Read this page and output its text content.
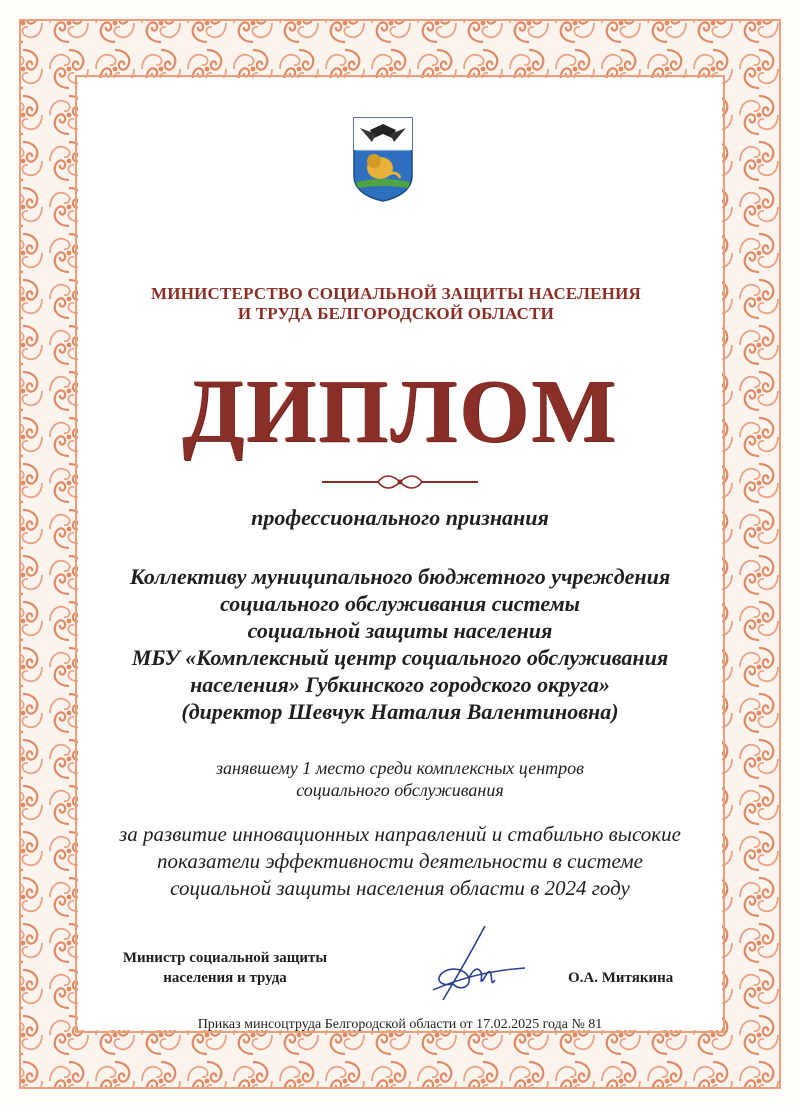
МИНИСТЕРСТВО СОЦИАЛЬНОЙ ЗАЩИТЫ НАСЕЛЕНИЯ
И ТРУДА БЕЛГОРОДСКОЙ ОБЛАСТИ
ДИПЛОМ
профессионального признания
Коллективу муниципального бюджетного учреждения
социального обслуживания системы
социальной защиты населения
МБУ «Комплексный центр социального обслуживания
населения» Губкинского городского округа»
(директор Шевчук Наталия Валентиновна)
занявшему 1 место среди комплексных центров
социального обслуживания
за развитие инновационных направлений и стабильно высокие
показатели эффективности деятельности в системе
социальной защиты населения области в 2024 году
Министр социальной защиты
населения и труда	О.А. Митякина
Приказ минсоцтруда Белгородской области от 17.02.2025 года № 81
